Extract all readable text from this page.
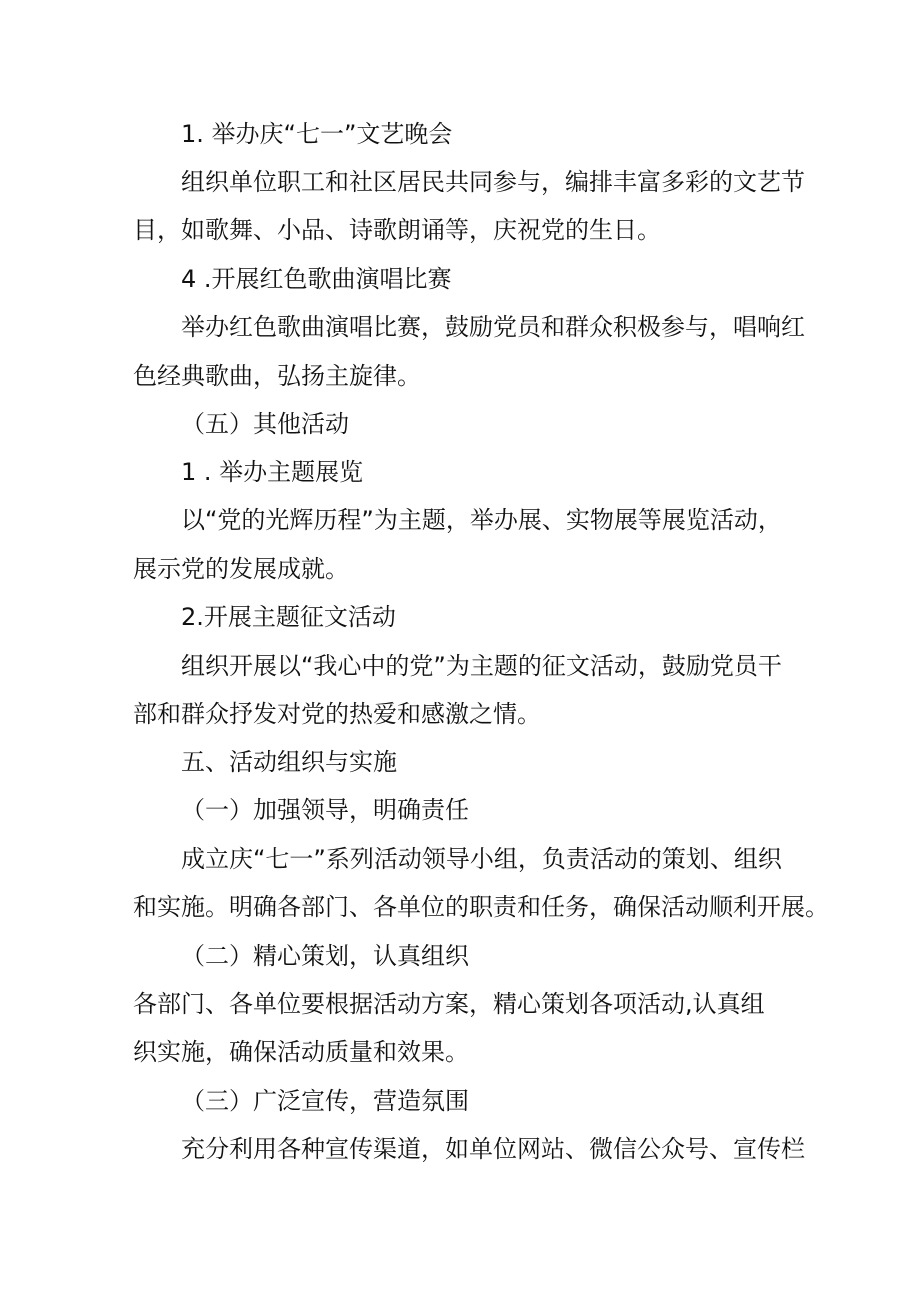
1. 举办庆“七一”文艺晚会
组织单位职工和社区居民共同参与，编排丰富多彩的文艺节
目，如歌舞、小品、诗歌朗诵等，庆祝党的生日。
4 .开展红色歌曲演唱比赛
举办红色歌曲演唱比赛，鼓励党员和群众积极参与，唱响红
色经典歌曲，弘扬主旋律。
（五）其他活动
1 . 举办主题展览
以“党的光辉历程”为主题，举办展、实物展等展览活动，
展示党的发展成就。
2.开展主题征文活动
组织开展以“我心中的党”为主题的征文活动，鼓励党员干
部和群众抒发对党的热爱和感激之情。
五、活动组织与实施
（一）加强领导，明确责任
成立庆“七一”系列活动领导小组，负责活动的策划、组织
和实施。明确各部门、各单位的职责和任务，确保活动顺利开展。
（二）精心策划，认真组织
各部门、各单位要根据活动方案，精心策划各项活动,认真组
织实施，确保活动质量和效果。
（三）广泛宣传，营造氛围
充分利用各种宣传渠道，如单位网站、微信公众号、宣传栏
